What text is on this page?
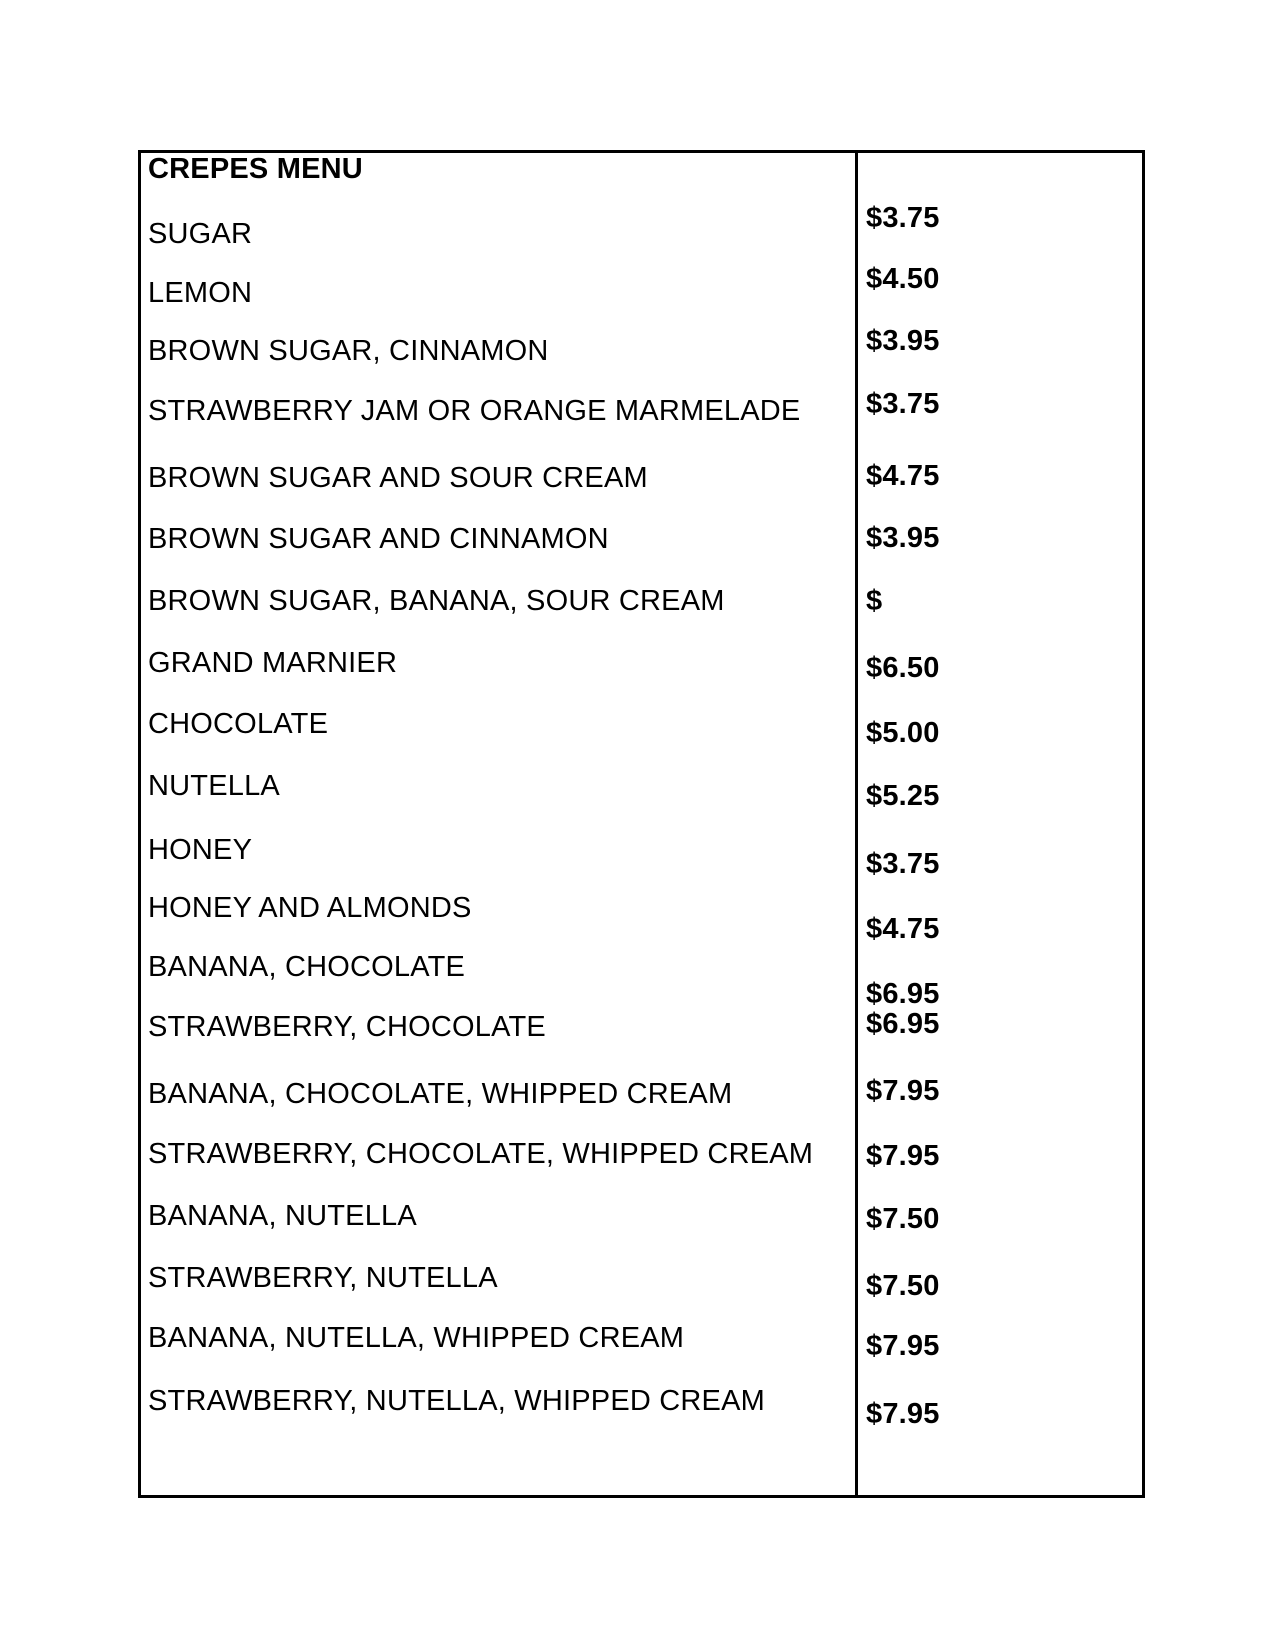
CREPES MENU
SUGAR
LEMON
BROWN SUGAR, CINNAMON
STRAWBERRY JAM OR ORANGE MARMELADE
BROWN SUGAR AND SOUR CREAM
BROWN SUGAR AND CINNAMON
BROWN SUGAR, BANANA, SOUR CREAM
GRAND MARNIER
CHOCOLATE
NUTELLA
HONEY
HONEY AND ALMONDS
BANANA, CHOCOLATE
STRAWBERRY, CHOCOLATE
BANANA, CHOCOLATE, WHIPPED CREAM
STRAWBERRY, CHOCOLATE, WHIPPED CREAM
BANANA, NUTELLA
STRAWBERRY, NUTELLA
BANANA, NUTELLA, WHIPPED CREAM
STRAWBERRY, NUTELLA, WHIPPED CREAM
$3.75
$4.50
$3.95
$3.75
$4.75
$3.95
$
$6.50
$5.00
$5.25
$3.75
$4.75
$6.95
$6.95
$7.95
$7.95
$7.50
$7.50
$7.95
$7.95
